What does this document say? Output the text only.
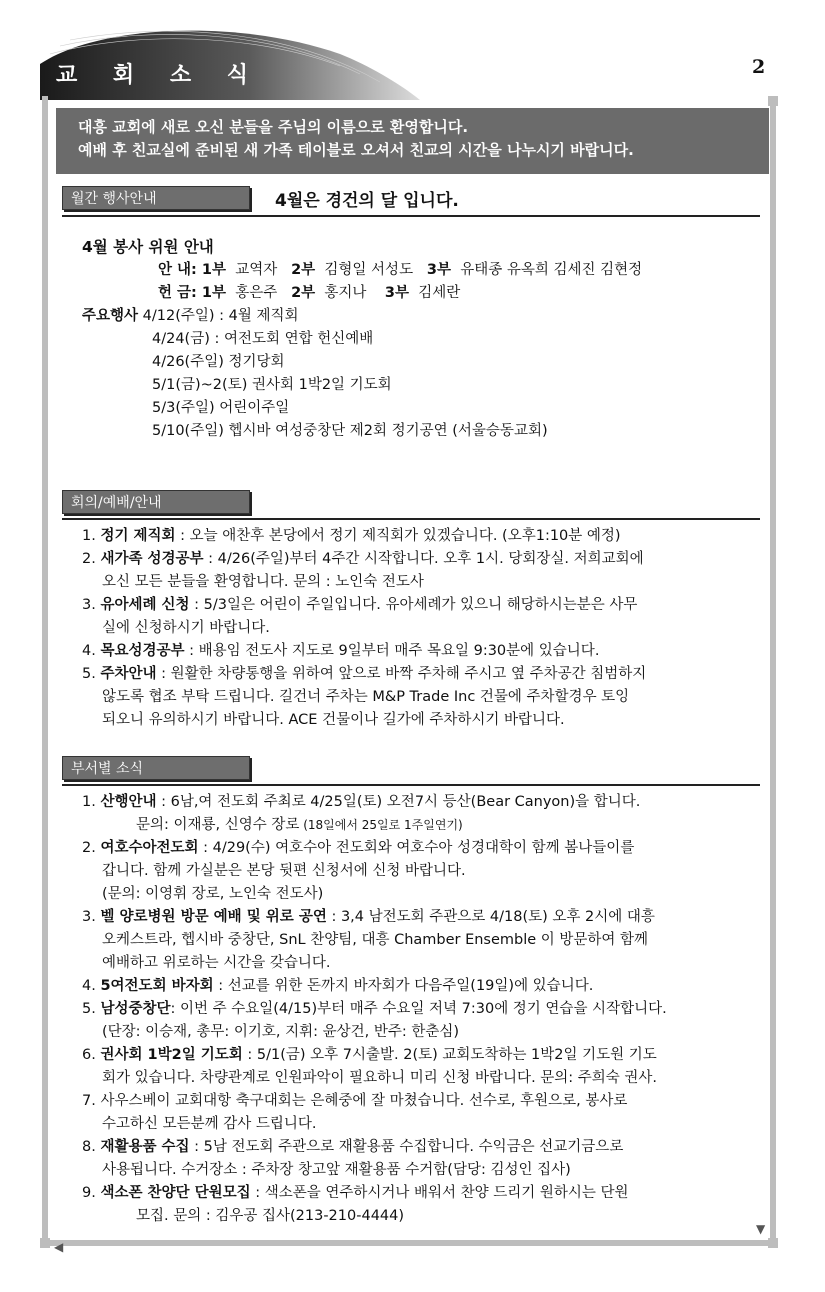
교 회 소 식	2
▼
◀
대흥 교회에 새로 오신 분들을 주님의 이름으로 환영합니다.
예배 후 친교실에 준비된 새 가족 테이블로 오셔서 친교의 시간을 나누시기 바랍니다.
월간 행사안내	4월은 경건의 달 입니다.
4월 봉사 위원 안내
안 내: 1부 교역자 2부 김형일 서성도 3부 유태종 유옥희 김세진 김현정
헌 금: 1부 홍은주 2부 홍지나 3부 김세란
주요행사 4/12(주일) : 4월 제직회
4/24(금) : 여전도회 연합 헌신예배
4/26(주일) 정기당회
5/1(금)~2(토) 권사회 1박2일 기도회
5/3(주일) 어린이주일
5/10(주일) 헵시바 여성중창단 제2회 정기공연 (서울승동교회)
회의/예배/안내
1. 정기 제직회 : 오늘 애찬후 본당에서 정기 제직회가 있겠습니다. (오후1:10분 예정)
2. 새가족 성경공부 : 4/26(주일)부터 4주간 시작합니다. 오후 1시. 당회장실. 저희교회에
오신 모든 분들을 환영합니다. 문의 : 노인숙 전도사
3. 유아세례 신청 : 5/3일은 어린이 주일입니다. 유아세례가 있으니 해당하시는분은 사무
실에 신청하시기 바랍니다.
4. 목요성경공부 : 배용임 전도사 지도로 9일부터 매주 목요일 9:30분에 있습니다.
5. 주차안내 : 원활한 차량통행을 위하여 앞으로 바짝 주차해 주시고 옆 주차공간 침범하지
않도록 협조 부탁 드립니다. 길건너 주차는 M&P Trade Inc 건물에 주차할경우 토잉
되오니 유의하시기 바랍니다. ACE 건물이나 길가에 주차하시기 바랍니다.
부서별 소식
1. 산행안내 : 6남,여 전도회 주최로 4/25일(토) 오전7시 등산(Bear Canyon)을 합니다.
문의: 이재룡, 신영수 장로 (18일에서 25일로 1주일연기)
2. 여호수아전도회 : 4/29(수) 여호수아 전도회와 여호수아 성경대학이 함께 봄나들이를
갑니다. 함께 가실분은 본당 뒷편 신청서에 신청 바랍니다.
(문의: 이영휘 장로, 노인숙 전도사)
3. 벨 양로병원 방문 예배 및 위로 공연 : 3,4 남전도회 주관으로 4/18(토) 오후 2시에 대흥
오케스트라, 헵시바 중창단, SnL 찬양팀, 대흥 Chamber Ensemble 이 방문하여 함께
예배하고 위로하는 시간을 갖습니다.
4. 5여전도회 바자회 : 선교를 위한 돈까지 바자회가 다음주일(19일)에 있습니다.
5. 남성중창단: 이번 주 수요일(4/15)부터 매주 수요일 저녁 7:30에 정기 연습을 시작합니다.
(단장: 이승재, 총무: 이기호, 지휘: 윤상건, 반주: 한춘심)
6. 권사회 1박2일 기도회 : 5/1(금) 오후 7시출발. 2(토) 교회도착하는 1박2일 기도원 기도
회가 있습니다. 차량관계로 인원파악이 필요하니 미리 신청 바랍니다. 문의: 주희숙 권사.
7. 사우스베이 교회대항 축구대회는 은혜중에 잘 마쳤습니다. 선수로, 후원으로, 봉사로
수고하신 모든분께 감사 드립니다.
8. 재활용품 수집 : 5남 전도회 주관으로 재활용품 수집합니다. 수익금은 선교기금으로
사용됩니다. 수거장소 : 주차장 창고앞 재활용품 수거함(담당: 김성인 집사)
9. 색소폰 찬양단 단원모집 : 색소폰을 연주하시거나 배워서 찬양 드리기 원하시는 단원
모집. 문의 : 김우공 집사(213-210-4444)
